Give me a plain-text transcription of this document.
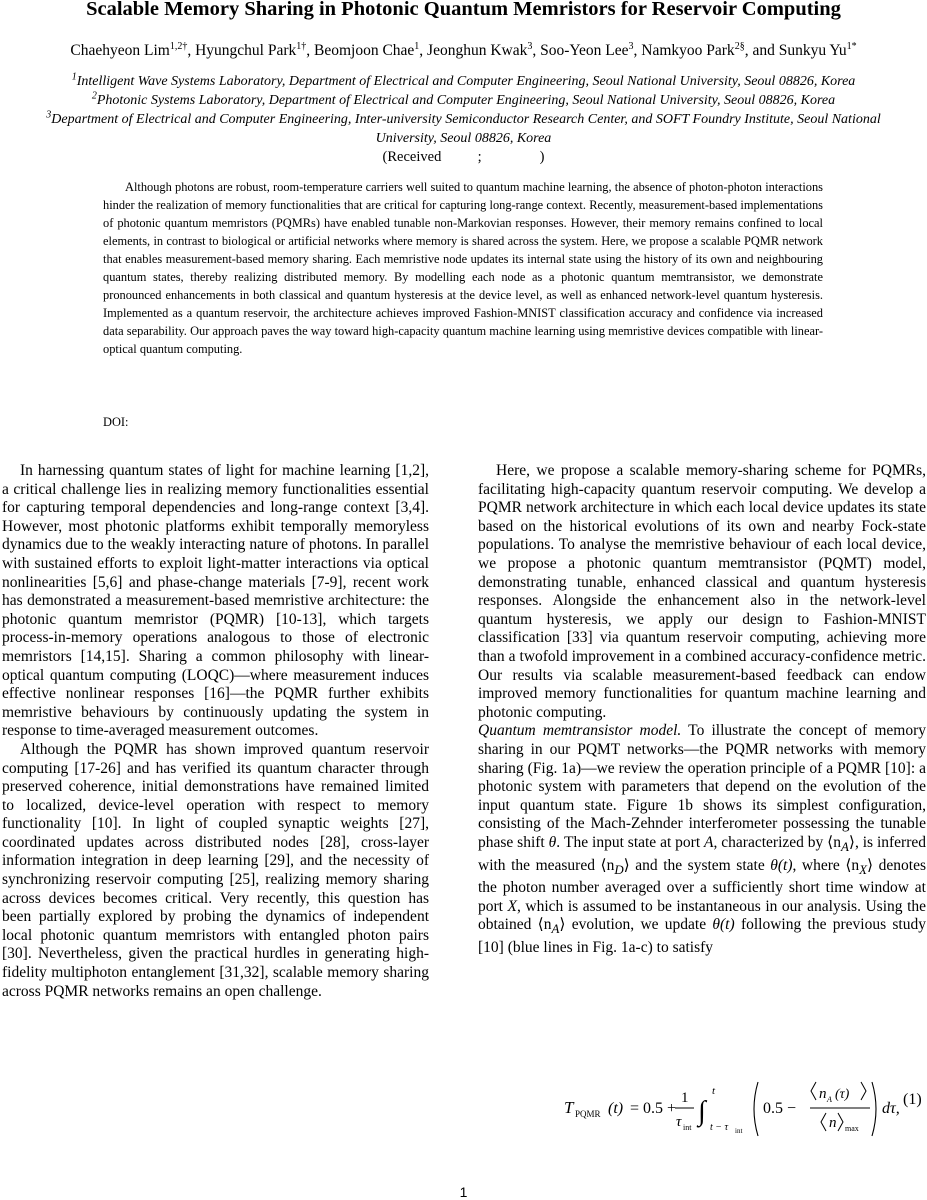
Scalable Memory Sharing in Photonic Quantum Memristors for Reservoir Computing
Chaehyeon Lim$^{1,2\dagger}$, Hyungchul Park$^{1\dagger}$, Beomjoon Chae$^1$, Jeonghun Kwak$^3$, Soo-Yeon Lee$^3$, Namkyoo Park$^{2\S}$, and Sunkyu $Yu^{1*}$
$^1$Intelligent Wave Systems Laboratory, Department of Electrical and Computer Engineering, Seoul National University, Seoul 08826, Korea
$^2$Photonic Systems Laboratory, Department of Electrical and Computer Engineering, Seoul National University, Seoul 08826, Korea
$^3$Department of Electrical and Computer Engineering, Inter-university Semiconductor Research Center, and SOFT Foundry Institute, Seoul National University, Seoul 08826, Korea
(Received          ;                )
Although photons are robust, room-temperature carriers well suited to quantum machine learning, the absence of photon-photon interactions hinder the realization of memory functionalities that are critical for capturing long-range context. Recently, measurement-based implementations of photonic quantum memristors (PQMRs) have enabled tunable non-Markovian responses. However, their memory remains confined to local elements, in contrast to biological or artificial networks where memory is shared across the system. Here, we propose a scalable PQMR network that enables measurement-based memory sharing. Each memristive node updates its internal state using the history of its own and neighbouring quantum states, thereby realizing distributed memory. By modelling each node as a photonic quantum memtransistor, we demonstrate pronounced enhancements in both classical and quantum hysteresis at the device level, as well as enhanced network-level quantum hysteresis. Implemented as a quantum reservoir, the architecture achieves improved Fashion-MNIST classification accuracy and confidence via increased data separability. Our approach paves the way toward high-capacity quantum machine learning using memristive devices compatible with linear-optical quantum computing.
DOI:

In harnessing quantum states of light for machine learning [1,2], a critical challenge lies in realizing memory functionalities essential for capturing temporal dependencies and long-range context [3,4]. However, most photonic platforms exhibit temporally memoryless dynamics due to the weakly interacting nature of photons. In parallel with sustained efforts to exploit light-matter interactions via optical nonlinearities [5,6] and phase-change materials [7-9], recent work has demonstrated a measurement-based memristive architecture: the photonic quantum memristor (PQMR) [10-13], which targets process-in-memory operations analogous to those of electronic memristors [14,15]. Sharing a common philosophy with linear-optical quantum computing (LOQC)—where measurement induces effective nonlinear responses [16]—the PQMR further exhibits memristive behaviours by continuously updating the system in response to time-averaged measurement outcomes.

Although the PQMR has shown improved quantum reservoir computing [17-26] and has verified its quantum character through preserved coherence, initial demonstrations have remained limited to localized, device-level operation with respect to memory functionality [10]. In light of coupled synaptic weights [27], coordinated updates across distributed nodes [28], cross-layer information integration in deep learning [29], and the necessity of synchronizing reservoir computing [25], realizing memory sharing across devices becomes critical. Very recently, this question has been partially explored by probing the dynamics of independent local photonic quantum memristors with entangled photon pairs [30]. Nevertheless, given the practical hurdles in generating high-fidelity multiphoton entanglement [31,32], scalable memory sharing across PQMR networks remains an open challenge.

Here, we propose a scalable memory-sharing scheme for PQMRs, facilitating high-capacity quantum reservoir computing. We develop a PQMR network architecture in which each local device updates its state based on the historical evolutions of its own and nearby Fock-state populations. To analyse the memristive behaviour of each local device, we propose a photonic quantum memtransistor (PQMT) model, demonstrating tunable, enhanced classical and quantum hysteresis responses. Alongside the enhancement also in the network-level quantum hysteresis, we apply our design to Fashion-MNIST classification [33] via quantum reservoir computing, achieving more than a twofold improvement in a combined accuracy-confidence metric. Our results via scalable measurement-based feedback can endow improved memory functionalities for quantum machine learning and photonic computing.

Quantum memtransistor model. To illustrate the concept of memory sharing in our PQMT networks—the PQMR networks with memory sharing (Fig. 1a)—we review the operation principle of a PQMR [10]: a photonic system with parameters that depend on the evolution of the input quantum state. Figure 1b shows its simplest configuration, consisting of the Mach-Zehnder interferometer possessing the tunable phase shift θ. The input state at port A, characterized by $⟨n_A⟩$, is inferred with the measured $⟨n_D⟩$ and the system state θ(t), where $⟨n_X⟩$ denotes the photon number averaged over a sufficiently short time window at port X, which is assumed to be instantaneous in our analysis. Using the obtained $⟨n_A⟩$ evolution, we update θ(t) following the previous study [10] (blue lines in Fig. 1a-c) to satisfy

T PQMR (t) = 0.5 +
1
τ int
∫
t
t − τ int
0.5 −
n A (τ)
n max
dτ,
(1)
1
